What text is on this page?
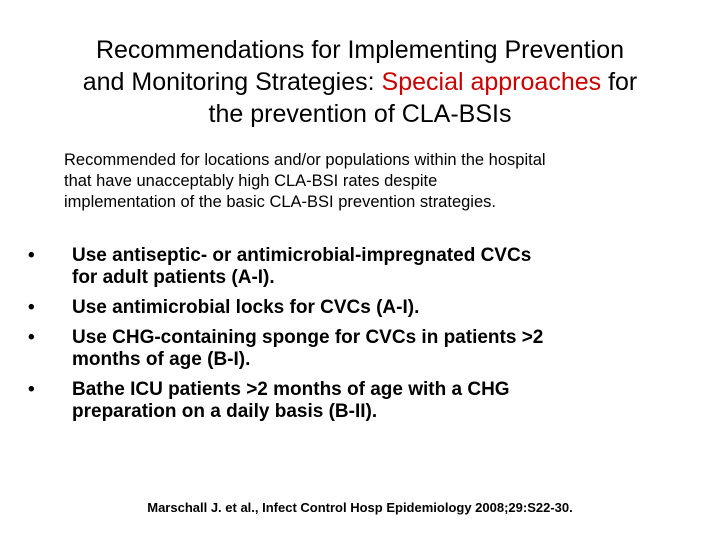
Recommendations for Implementing Prevention
and Monitoring Strategies: Special approaches for
the prevention of CLA-BSIs

Recommended for locations and/or populations within the hospital
that have unacceptably high CLA-BSI rates despite
implementation of the basic CLA-BSI prevention strategies.

•	Use antiseptic- or antimicrobial-impregnated CVCs
for adult patients (A-I).
•	Use antimicrobial locks for CVCs (A-I).
•	Use CHG-containing sponge for CVCs in patients >2
months of age (B-I).
•	Bathe ICU patients >2 months of age with a CHG
preparation on a daily basis (B-II).

Marschall J. et al., Infect Control Hosp Epidemiology 2008;29:S22-30.
